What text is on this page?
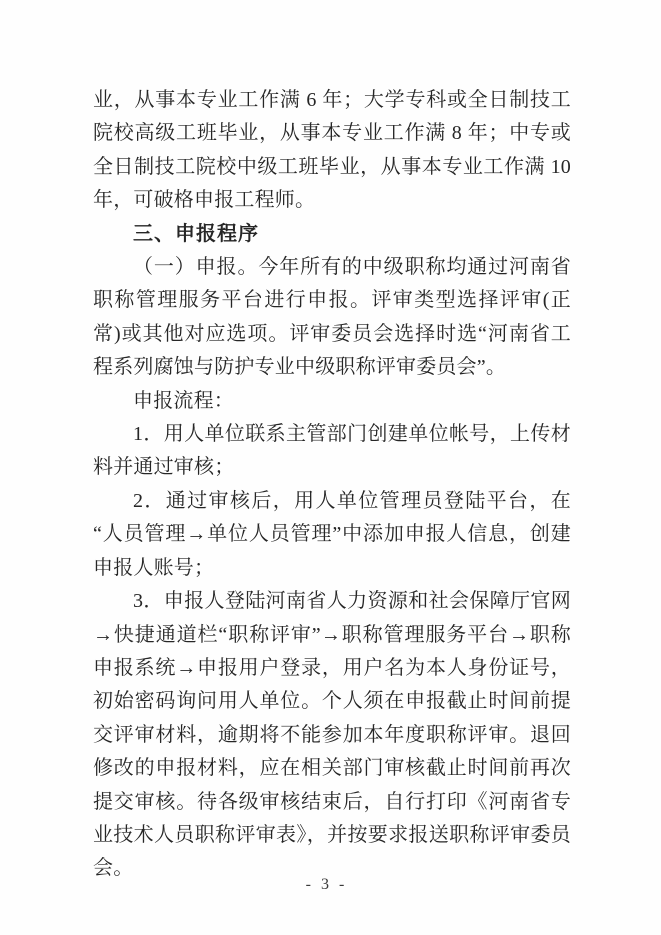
业，从事本专业工作满 6 年；大学专科或全日制技工院校高级工班毕业，从事本专业工作满 8 年；中专或全日制技工院校中级工班毕业，从事本专业工作满 10 年，可破格申报工程师。

三、申报程序

（一）申报。今年所有的中级职称均通过河南省职称管理服务平台进行申报。评审类型选择评审(正常)或其他对应选项。评审委员会选择时选“河南省工程系列腐蚀与防护专业中级职称评审委员会”。

申报流程：

1．用人单位联系主管部门创建单位帐号，上传材料并通过审核；

2．通过审核后，用人单位管理员登陆平台，在“人员管理→单位人员管理”中添加申报人信息，创建申报人账号；

3．申报人登陆河南省人力资源和社会保障厅官网→快捷通道栏“职称评审”→职称管理服务平台→职称申报系统→申报用户登录，用户名为本人身份证号，初始密码询问用人单位。个人须在申报截止时间前提交评审材料，逾期将不能参加本年度职称评审。退回修改的申报材料，应在相关部门审核截止时间前再次提交审核。待各级审核结束后，自行打印《河南省专业技术人员职称评审表》，并按要求报送职称评审委员会。

- 3 -
